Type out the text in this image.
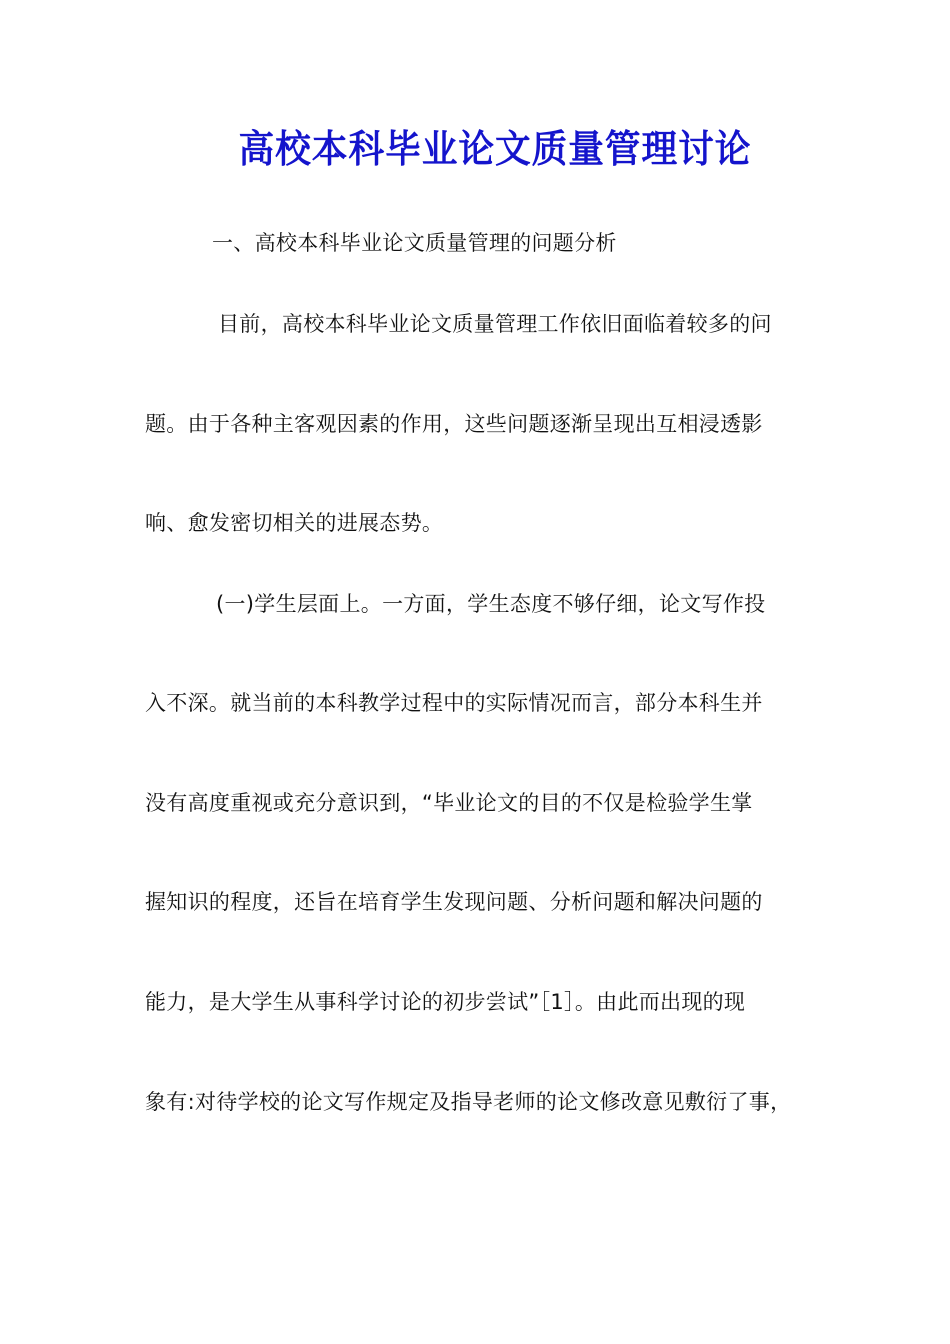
高校本科毕业论文质量管理讨论
一、高校本科毕业论文质量管理的问题分析
目前，高校本科毕业论文质量管理工作依旧面临着较多的问
题。由于各种主客观因素的作用，这些问题逐渐呈现出互相浸透影
响、愈发密切相关的进展态势。
(一)学生层面上。一方面，学生态度不够仔细，论文写作投
入不深。就当前的本科教学过程中的实际情况而言，部分本科生并
没有高度重视或充分意识到，“毕业论文的目的不仅是检验学生掌
握知识的程度，还旨在培育学生发现问题、分析问题和解决问题的
能力，是大学生从事科学讨论的初步尝试”［1］。由此而出现的现
象有:对待学校的论文写作规定及指导老师的论文修改意见敷衍了事，
